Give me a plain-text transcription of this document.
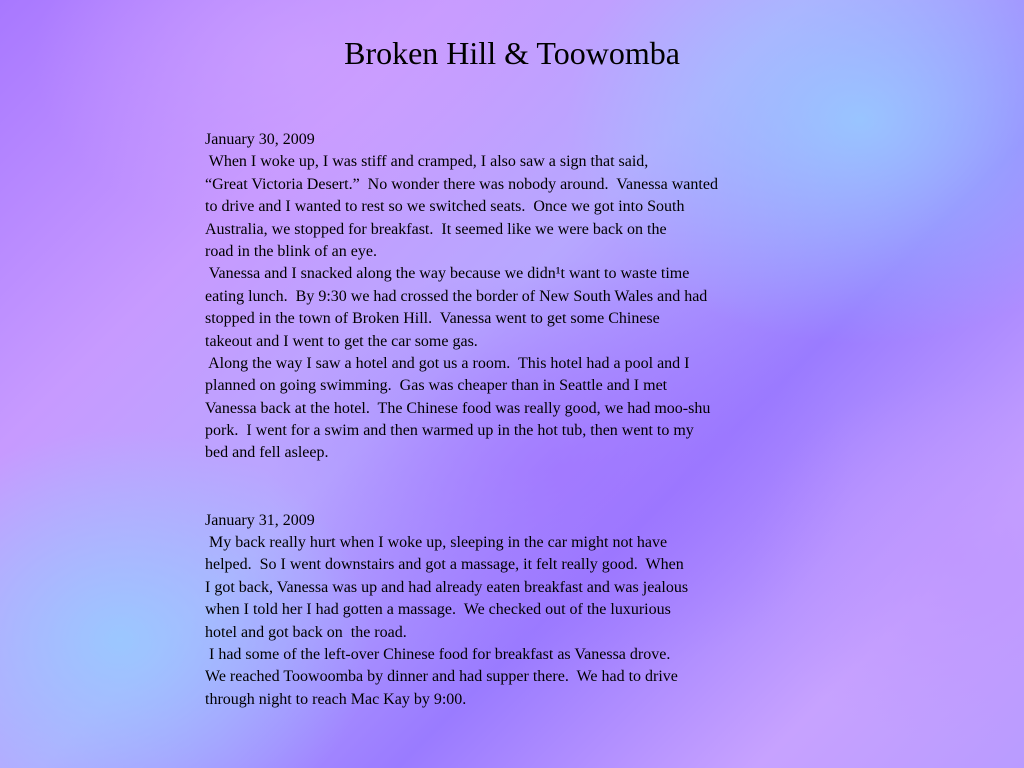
Broken Hill & Toowomba
January 30, 2009
When I woke up, I was stiff and cramped, I also saw a sign that said,
“Great Victoria Desert.”  No wonder there was nobody around.  Vanessa wanted
to drive and I wanted to rest so we switched seats.  Once we got into South
Australia, we stopped for breakfast.  It seemed like we were back on the
road in the blink of an eye.
Vanessa and I snacked along the way because we didn¹t want to waste time
eating lunch.  By 9:30 we had crossed the border of New South Wales and had
stopped in the town of Broken Hill.  Vanessa went to get some Chinese
takeout and I went to get the car some gas.
Along the way I saw a hotel and got us a room.  This hotel had a pool and I
planned on going swimming.  Gas was cheaper than in Seattle and I met
Vanessa back at the hotel.  The Chinese food was really good, we had moo-shu
pork.  I went for a swim and then warmed up in the hot tub, then went to my
bed and fell asleep.
January 31, 2009
My back really hurt when I woke up, sleeping in the car might not have
helped.  So I went downstairs and got a massage, it felt really good.  When
I got back, Vanessa was up and had already eaten breakfast and was jealous
when I told her I had gotten a massage.  We checked out of the luxurious
hotel and got back on  the road.
I had some of the left-over Chinese food for breakfast as Vanessa drove.
We reached Toowoomba by dinner and had supper there.  We had to drive
through night to reach Mac Kay by 9:00.
